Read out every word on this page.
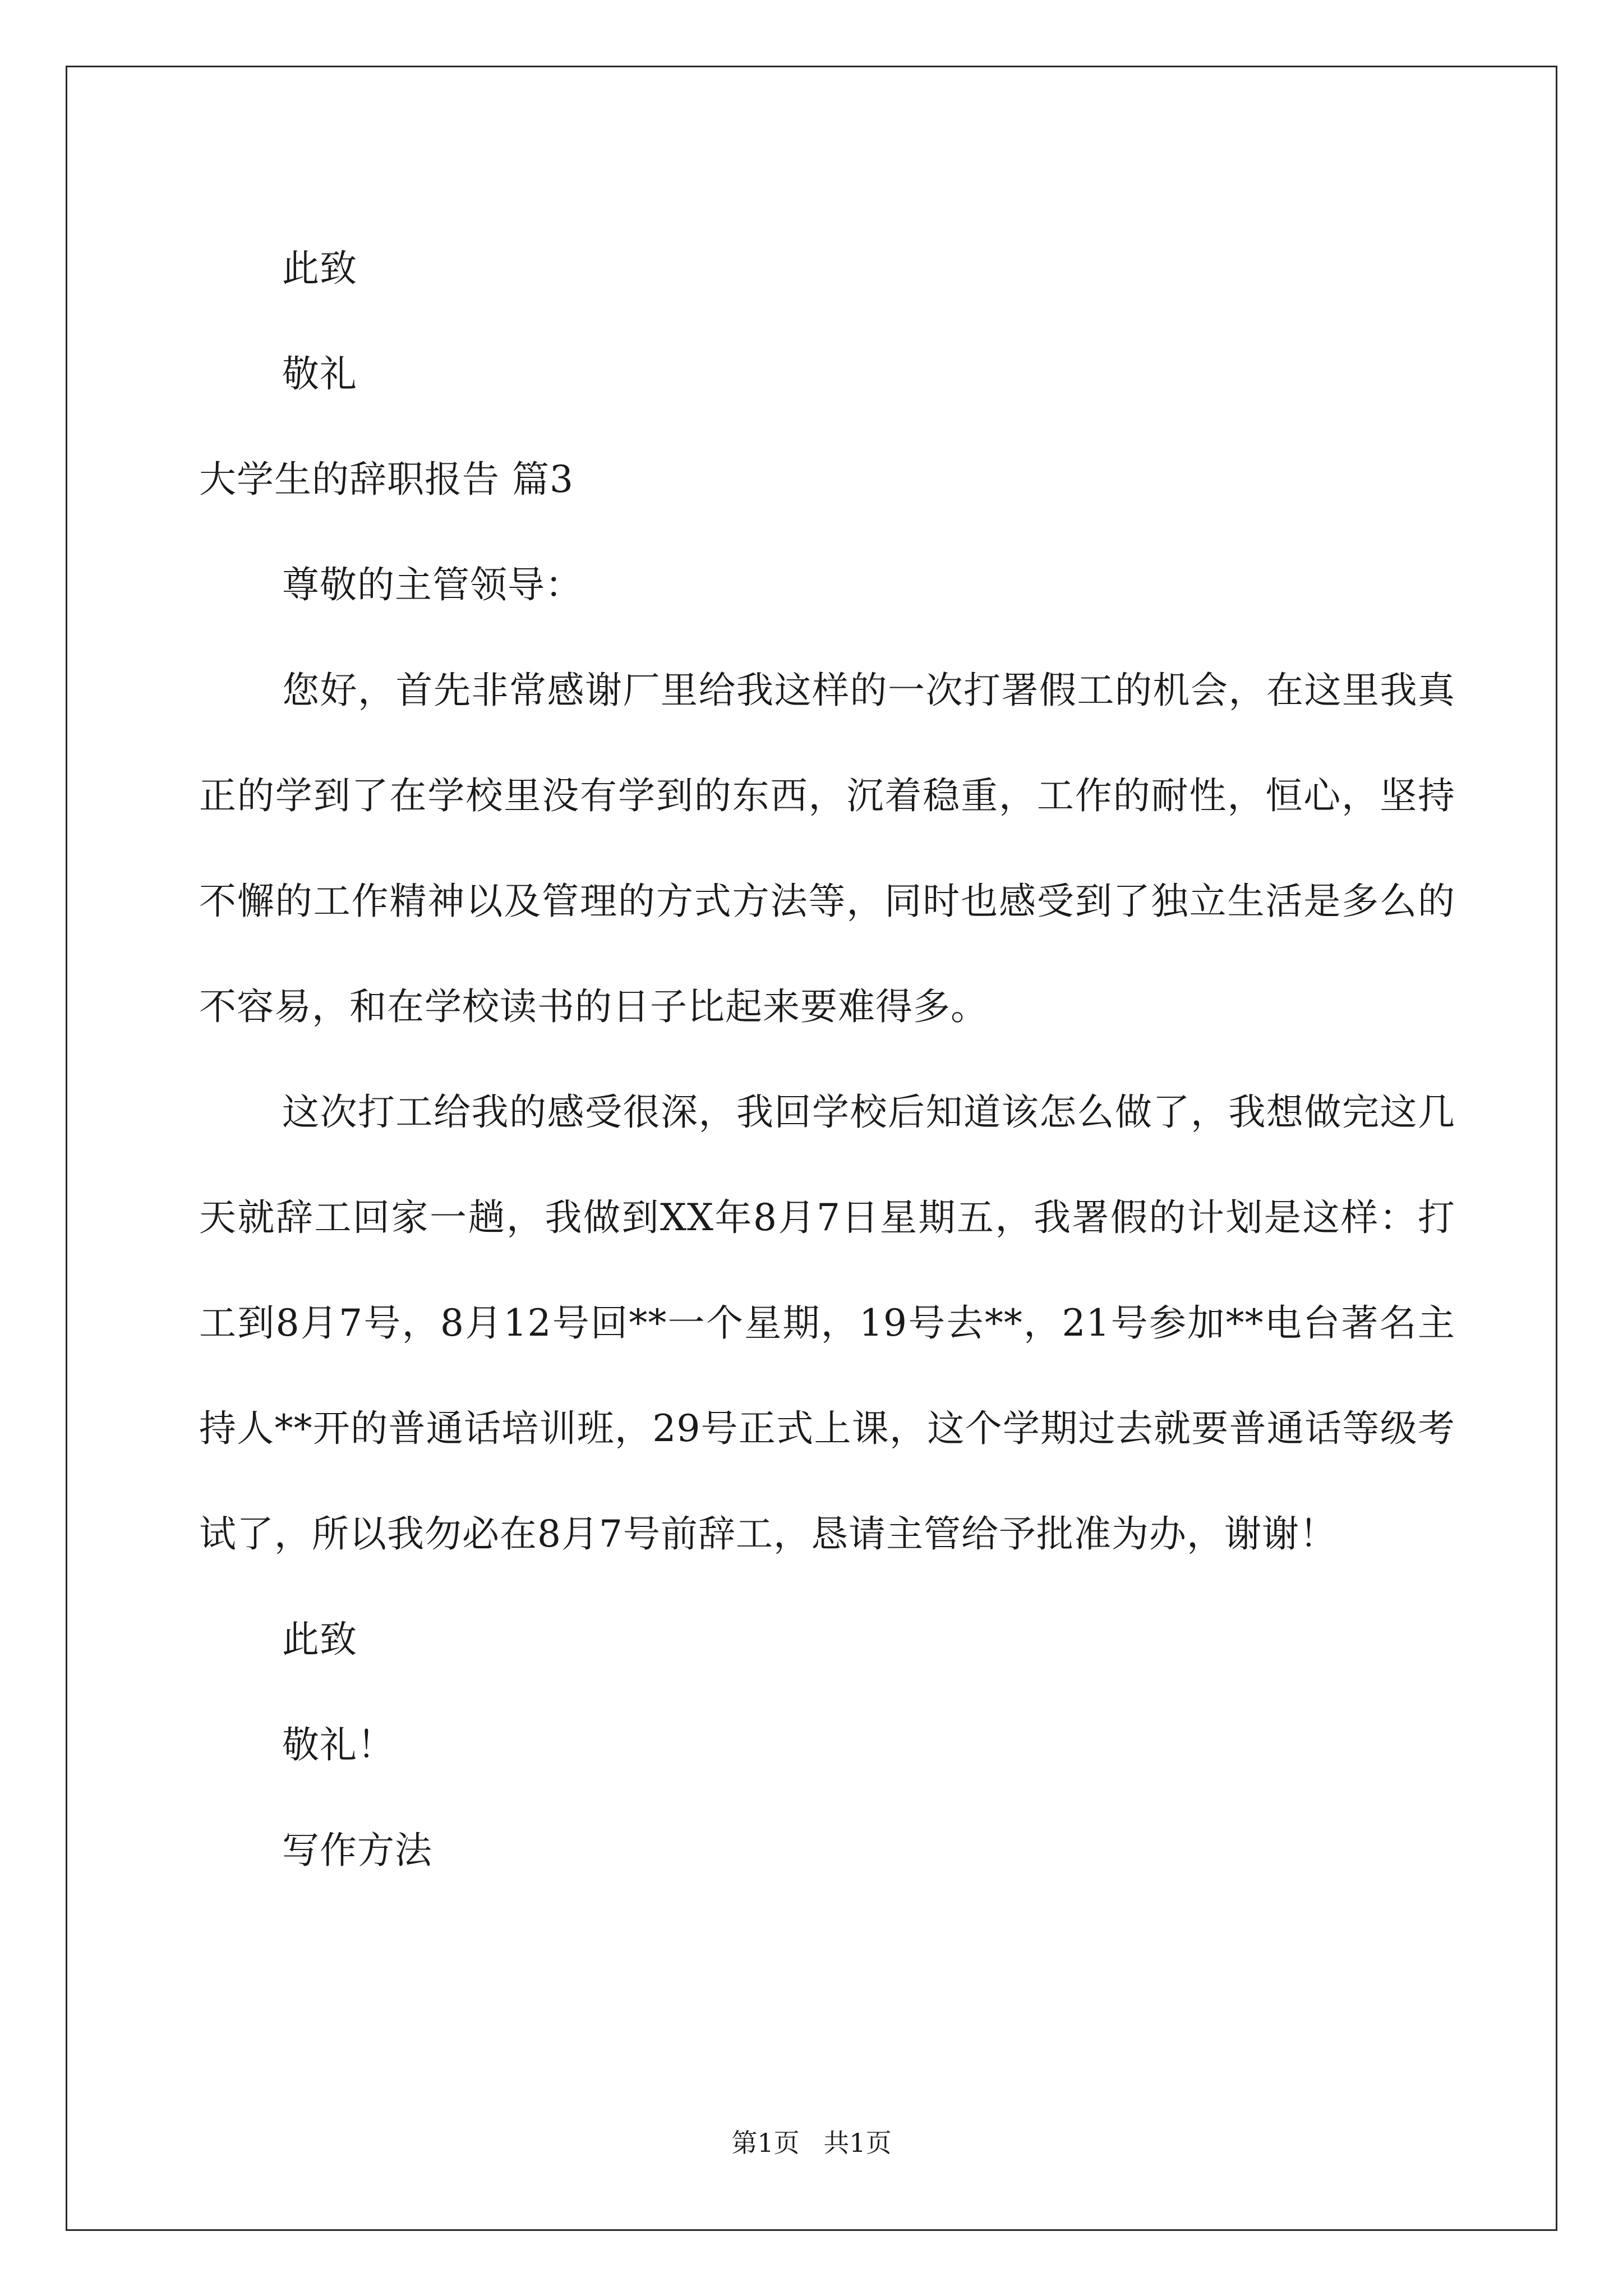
此致

敬礼

大学生的辞职报告 篇3

尊敬的主管领导：

您好，首先非常感谢厂里给我这样的一次打署假工的机会，在这里我真正的学到了在学校里没有学到的东西，沉着稳重，工作的耐性，恒心，坚持不懈的工作精神以及管理的方式方法等，同时也感受到了独立生活是多么的不容易，和在学校读书的日子比起来要难得多。

这次打工给我的感受很深，我回学校后知道该怎么做了，我想做完这几天就辞工回家一趟，我做到XX年8月7日星期五，我署假的计划是这样：打工到8月7号，8月12号回**一个星期，19号去**，21号参加**电台著名主持人**开的普通话培训班，29号正式上课，这个学期过去就要普通话等级考试了，所以我勿必在8月7号前辞工，恳请主管给予批准为办，谢谢！

此致

敬礼！

写作方法

第1页 共1页
